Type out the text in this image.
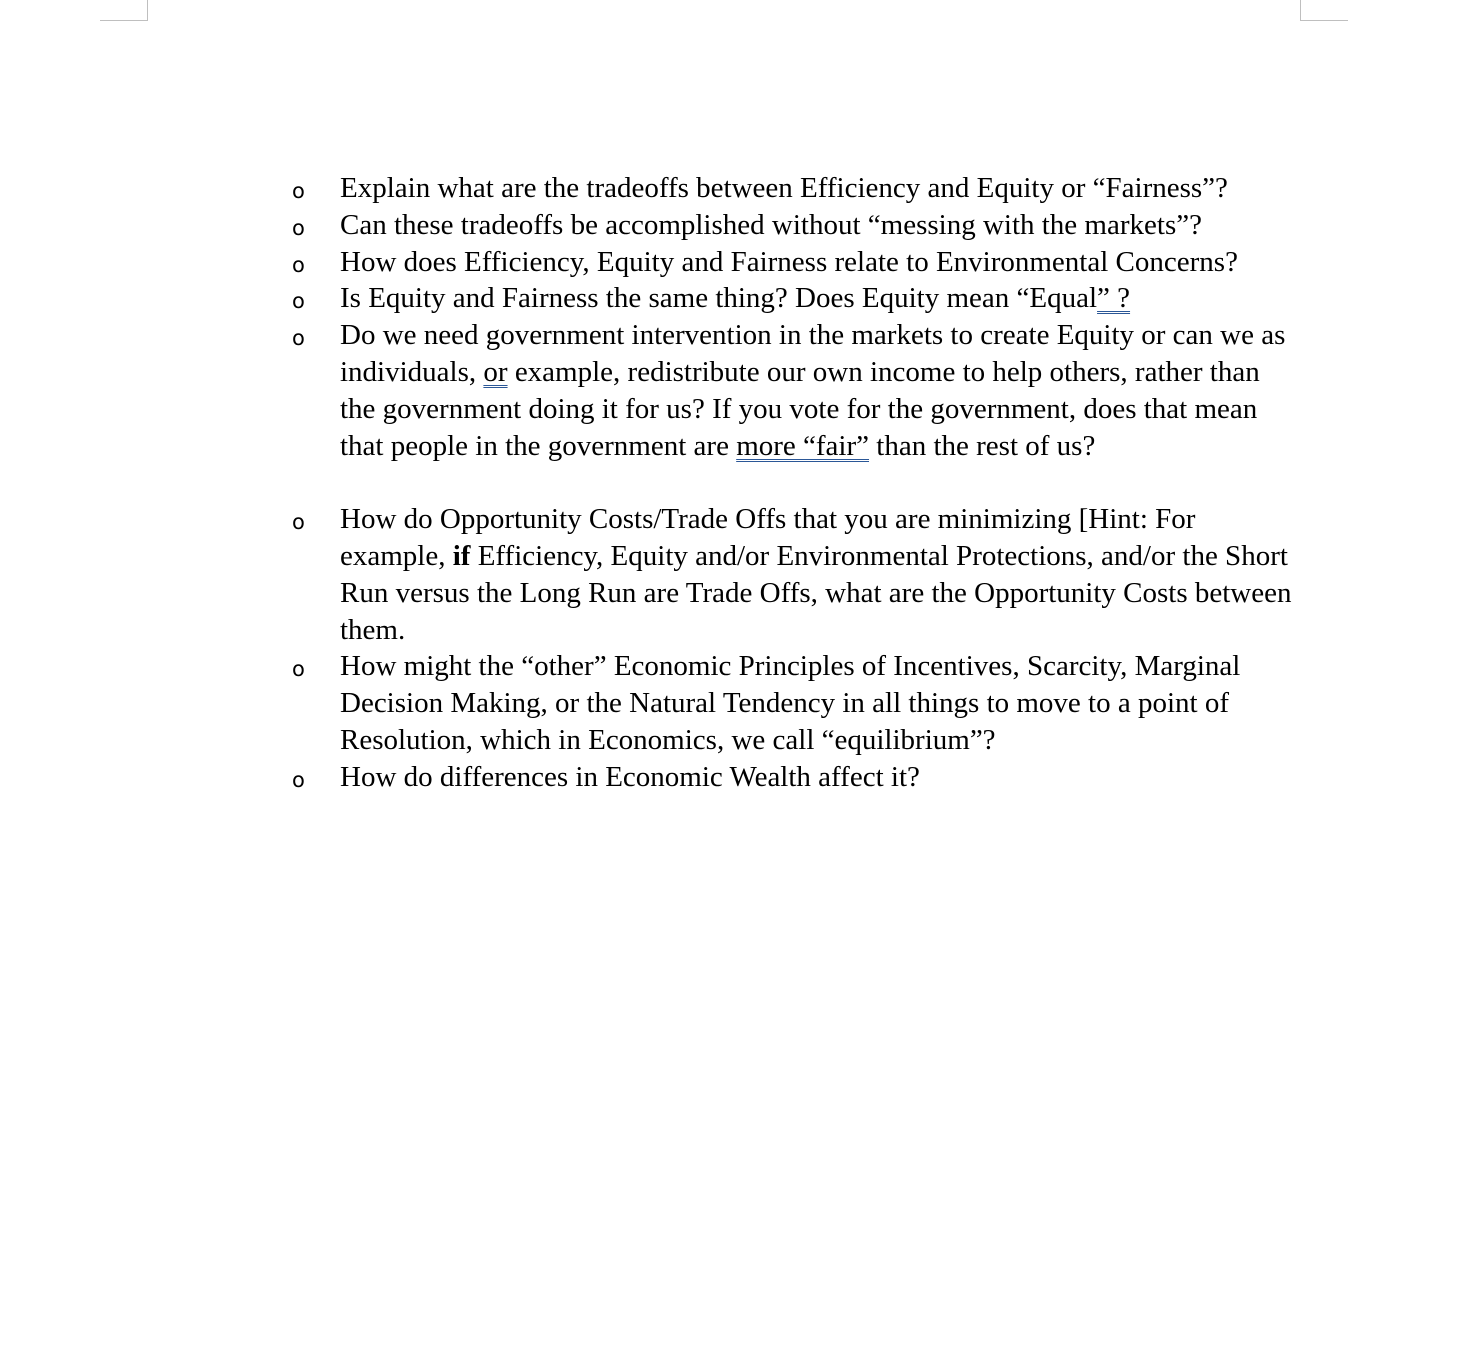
o	Explain what are the tradeoffs between Efficiency and Equity or “Fairness”?
o	Can these tradeoffs be accomplished without “messing with the markets”?
o	How does Efficiency, Equity and Fairness relate to Environmental Concerns?
o	Is Equity and Fairness the same thing? Does Equity mean “Equal” ?
o	Do we need government intervention in the markets to create Equity or can we as individuals, or example, redistribute our own income to help others, rather than the government doing it for us? If you vote for the government, does that mean that people in the government are more “fair” than the rest of us?
o	How do Opportunity Costs/Trade Offs that you are minimizing [Hint: For example, if Efficiency, Equity and/or Environmental Protections, and/or the Short Run versus the Long Run are Trade Offs, what are the Opportunity Costs between them.
o	How might the “other” Economic Principles of Incentives, Scarcity, Marginal Decision Making, or the Natural Tendency in all things to move to a point of Resolution, which in Economics, we call “equilibrium”?
o	How do differences in Economic Wealth affect it?
